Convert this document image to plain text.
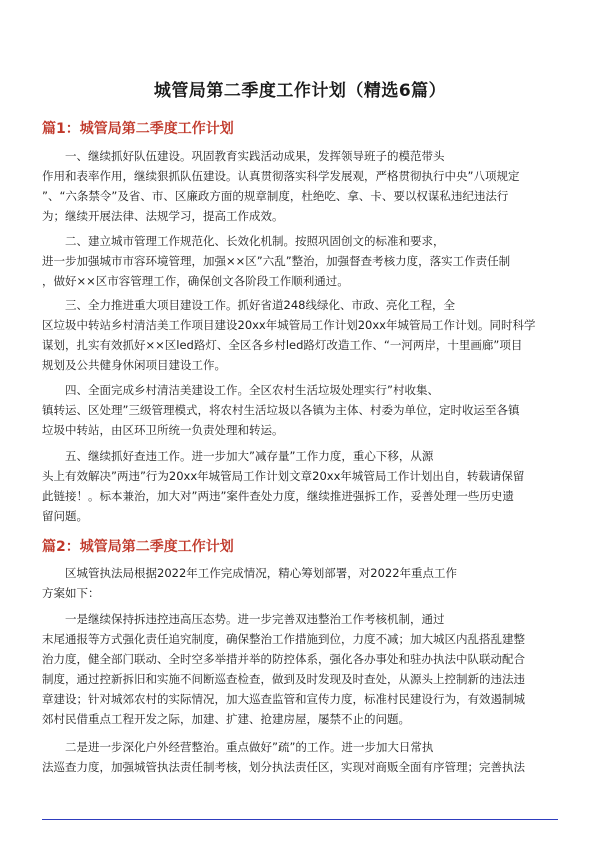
城管局第二季度工作计划（精选6篇）
篇1：城管局第二季度工作计划
　　一、继续抓好队伍建设。巩固教育实践活动成果，发挥领导班子的模范带头
作用和表率作用，继续狠抓队伍建设。认真贯彻落实科学发展观，严格贯彻执行中央”八项规定
”、“六条禁令”及省、市、区廉政方面的规章制度，杜绝吃、拿、卡、要以权谋私违纪违法行
为；继续开展法律、法规学习，提高工作成效。
　　二、建立城市管理工作规范化、长效化机制。按照巩固创文的标准和要求，
进一步加强城市市容环境管理，加强××区”六乱”整治，加强督查考核力度，落实工作责任制
，做好××区市容管理工作，确保创文各阶段工作顺利通过。
　　三、全力推进重大项目建设工作。抓好省道248线绿化、市政、亮化工程，全
区垃圾中转站乡村清洁美工作项目建设20xx年城管局工作计划20xx年城管局工作计划。同时科学
谋划，扎实有效抓好××区led路灯、全区各乡村led路灯改造工作、“一河两岸，十里画廊”项目
规划及公共健身休闲项目建设工作。
　　四、全面完成乡村清洁美建设工作。全区农村生活垃圾处理实行”村收集、
镇转运、区处理”三级管理模式，将农村生活垃圾以各镇为主体、村委为单位，定时收运至各镇
垃圾中转站，由区环卫所统一负责处理和转运。
　　五、继续抓好查违工作。进一步加大”减存量”工作力度，重心下移，从源
头上有效解决”两违”行为20xx年城管局工作计划文章20xx年城管局工作计划出自，转载请保留
此链接！。标本兼治，加大对”两违”案件查处力度，继续推进强拆工作，妥善处理一些历史遗
留问题。
篇2：城管局第二季度工作计划
　　区城管执法局根据2022年工作完成情况，精心筹划部署，对2022年重点工作
方案如下：
　　一是继续保持拆违控违高压态势。进一步完善双违整治工作考核机制，通过
末尾通报等方式强化责任追究制度，确保整治工作措施到位，力度不减；加大城区内乱搭乱建整
治力度，健全部门联动、全时空多举措并举的防控体系，强化各办事处和驻办执法中队联动配合
制度，通过控新拆旧和实施不间断巡查检查，做到及时发现及时查处，从源头上控制新的违法违
章建设；针对城郊农村的实际情况，加大巡查监管和宣传力度，标准村民建设行为，有效遏制城
郊村民借重点工程开发之际，加建、扩建、抢建房屋，屡禁不止的问题。
　　二是进一步深化户外经营整治。重点做好”疏”的工作。进一步加大日常执
法巡查力度，加强城管执法责任制考核，划分执法责任区，实现对商贩全面有序管理；完善执法
